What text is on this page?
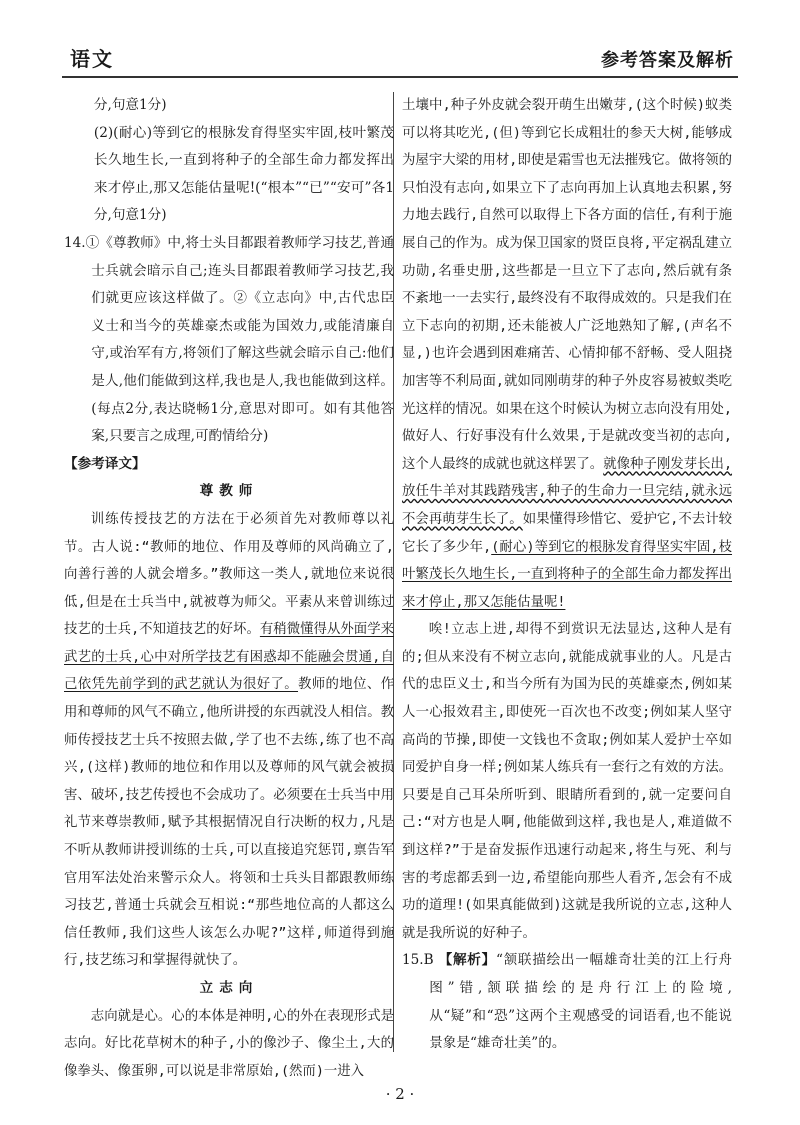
语文	参考答案及解析

分,句意1分)

(2)(耐心)等到它的根脉发育得坚实牢固,枝叶繁茂长久地生长,一直到将种子的全部生命力都发挥出来才停止,那又怎能估量呢!(“根本”“已”“安可”各1分,句意1分)

14.①《尊教师》中,将士头目都跟着教师学习技艺,普通士兵就会暗示自己;连头目都跟着教师学习技艺,我们就更应该这样做了。②《立志向》中,古代忠臣义士和当今的英雄豪杰或能为国效力,或能清廉自守,或治军有方,将领们了解这些就会暗示自己:他们是人,他们能做到这样,我也是人,我也能做到这样。(每点2分,表达晓畅1分,意思对即可。如有其他答案,只要言之成理,可酌情给分)

【参考译文】

尊教师

训练传授技艺的方法在于必须首先对教师尊以礼节。古人说:“教师的地位、作用及尊师的风尚确立了,向善行善的人就会增多。”教师这一类人,就地位来说很低,但是在士兵当中,就被尊为师父。平素从来曾训练过技艺的士兵,不知道技艺的好坏。有稍微懂得从外面学来武艺的士兵,心中对所学技艺有困惑却不能融会贯通,自己依凭先前学到的武艺就认为很好了。教师的地位、作用和尊师的风气不确立,他所讲授的东西就没人相信。教师传授技艺士兵不按照去做,学了也不去练,练了也不高兴,(这样)教师的地位和作用以及尊师的风气就会被损害、破坏,技艺传授也不会成功了。必须要在士兵当中用礼节来尊崇教师,赋予其根据情况自行决断的权力,凡是不听从教师讲授训练的士兵,可以直接追究惩罚,禀告军官用军法处治来警示众人。将领和士兵头目都跟教师练习技艺,普通士兵就会互相说:“那些地位高的人都这么信任教师,我们这些人该怎么办呢?”这样,师道得到施行,技艺练习和掌握得就快了。

立志向

志向就是心。心的本体是神明,心的外在表现形式是志向。好比花草树木的种子,小的像沙子、像尘土,大的像拳头、像蛋卵,可以说是非常原始,(然而)一进入

土壤中,种子外皮就会裂开萌生出嫩芽,(这个时候)蚁类可以将其吃光,(但)等到它长成粗壮的参天大树,能够成为屋宇大梁的用材,即使是霜雪也无法摧残它。做将领的只怕没有志向,如果立下了志向再加上认真地去积累,努力地去践行,自然可以取得上下各方面的信任,有利于施展自己的作为。成为保卫国家的贤臣良将,平定祸乱建立功勋,名垂史册,这些都是一旦立下了志向,然后就有条不紊地一一去实行,最终没有不取得成效的。只是我们在立下志向的初期,还未能被人广泛地熟知了解,(声名不显,)也许会遇到困难痛苦、心情抑郁不舒畅、受人阻挠加害等不利局面,就如同刚萌芽的种子外皮容易被蚁类吃光这样的情况。如果在这个时候认为树立志向没有用处,做好人、行好事没有什么效果,于是就改变当初的志向,这个人最终的成就也就这样罢了。就像种子刚发芽长出,放任牛羊对其践踏残害,种子的生命力一旦完结,就永远不会再萌芽生长了。如果懂得珍惜它、爱护它,不去计较它长了多少年,(耐心)等到它的根脉发育得坚实牢固,枝叶繁茂长久地生长,一直到将种子的全部生命力都发挥出来才停止,那又怎能估量呢!

唉!立志上进,却得不到赏识无法显达,这种人是有的;但从来没有不树立志向,就能成就事业的人。凡是古代的忠臣义士,和当今所有为国为民的英雄豪杰,例如某人一心报效君主,即使死一百次也不改变;例如某人坚守高尚的节操,即使一文钱也不贪取;例如某人爱护士卒如同爱护自身一样;例如某人练兵有一套行之有效的方法。只要是自己耳朵所听到、眼睛所看到的,就一定要问自己:“对方也是人啊,他能做到这样,我也是人,难道做不到这样?”于是奋发振作迅速行动起来,将生与死、利与害的考虑都丢到一边,希望能向那些人看齐,怎会有不成功的道理!(如果真能做到)这就是我所说的立志,这种人就是我所说的好种子。

15.B 【解析】“颔联描绘出一幅雄奇壮美的江上行舟图”错,颔联描绘的是舟行江上的险境,从“疑”和“恐”这两个主观感受的词语看,也不能说景象是“雄奇壮美”的。

· 2 ·
